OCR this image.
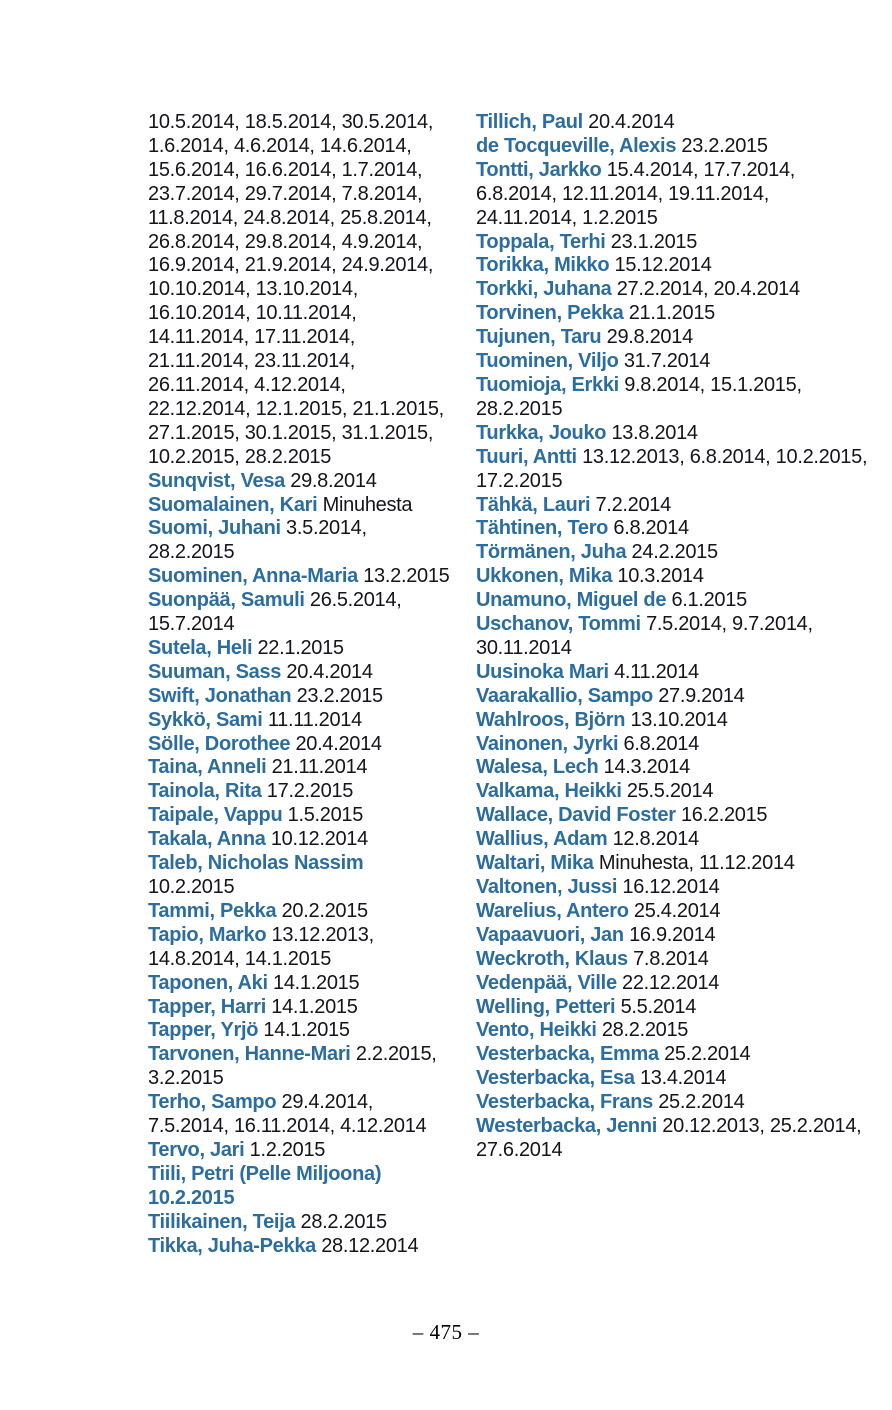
10.5.2014, 18.5.2014, 30.5.2014, 1.6.2014, 4.6.2014, 14.6.2014, 15.6.2014, 16.6.2014, 1.7.2014, 23.7.2014, 29.7.2014, 7.8.2014, 11.8.2014, 24.8.2014, 25.8.2014, 26.8.2014, 29.8.2014, 4.9.2014, 16.9.2014, 21.9.2014, 24.9.2014, 10.10.2014, 13.10.2014, 16.10.2014, 10.11.2014, 14.11.2014, 17.11.2014, 21.11.2014, 23.11.2014, 26.11.2014, 4.12.2014, 22.12.2014, 12.1.2015, 21.1.2015, 27.1.2015, 30.1.2015, 31.1.2015, 10.2.2015, 28.2.2015
Sunqvist, Vesa 29.8.2014
Suomalainen, Kari Minuhesta
Suomi, Juhani 3.5.2014, 28.2.2015
Suominen, Anna-Maria 13.2.2015
Suonpää, Samuli 26.5.2014, 15.7.2014
Sutela, Heli 22.1.2015
Suuman, Sass 20.4.2014
Swift, Jonathan 23.2.2015
Sykkö, Sami 11.11.2014
Sölle, Dorothee 20.4.2014
Taina, Anneli 21.11.2014
Tainola, Rita 17.2.2015
Taipale, Vappu 1.5.2015
Takala, Anna 10.12.2014
Taleb, Nicholas Nassim 10.2.2015
Tammi, Pekka 20.2.2015
Tapio, Marko 13.12.2013, 14.8.2014, 14.1.2015
Taponen, Aki 14.1.2015
Tapper, Harri 14.1.2015
Tapper, Yrjö 14.1.2015
Tarvonen, Hanne-Mari 2.2.2015, 3.2.2015
Terho, Sampo 29.4.2014, 7.5.2014, 16.11.2014, 4.12.2014
Tervo, Jari 1.2.2015
Tiili, Petri (Pelle Miljoona) 10.2.2015
Tiilikainen, Teija 28.2.2015
Tikka, Juha-Pekka 28.12.2014
Tillich, Paul 20.4.2014
de Tocqueville, Alexis 23.2.2015
Tontti, Jarkko 15.4.2014, 17.7.2014, 6.8.2014, 12.11.2014, 19.11.2014, 24.11.2014, 1.2.2015
Toppala, Terhi 23.1.2015
Torikka, Mikko 15.12.2014
Torkki, Juhana 27.2.2014, 20.4.2014
Torvinen, Pekka 21.1.2015
Tujunen, Taru 29.8.2014
Tuominen, Viljo 31.7.2014
Tuomioja, Erkki 9.8.2014, 15.1.2015, 28.2.2015
Turkka, Jouko 13.8.2014
Tuuri, Antti 13.12.2013, 6.8.2014, 10.2.2015, 17.2.2015
Tähkä, Lauri 7.2.2014
Tähtinen, Tero 6.8.2014
Törmänen, Juha 24.2.2015
Ukkonen, Mika 10.3.2014
Unamuno, Miguel de 6.1.2015
Uschanov, Tommi 7.5.2014, 9.7.2014, 30.11.2014
Uusinoka Mari 4.11.2014
Vaarakallio, Sampo 27.9.2014
Wahlroos, Björn 13.10.2014
Vainonen, Jyrki 6.8.2014
Walesa, Lech 14.3.2014
Valkama, Heikki 25.5.2014
Wallace, David Foster 16.2.2015
Wallius, Adam 12.8.2014
Waltari, Mika Minuhesta, 11.12.2014
Valtonen, Jussi 16.12.2014
Warelius, Antero 25.4.2014
Vapaavuori, Jan 16.9.2014
Weckroth, Klaus 7.8.2014
Vedenpää, Ville 22.12.2014
Welling, Petteri 5.5.2014
Vento, Heikki 28.2.2015
Vesterbacka, Emma 25.2.2014
Vesterbacka, Esa 13.4.2014
Vesterbacka, Frans 25.2.2014
Westerbacka, Jenni 20.12.2013, 25.2.2014, 27.6.2014
– 475 –
